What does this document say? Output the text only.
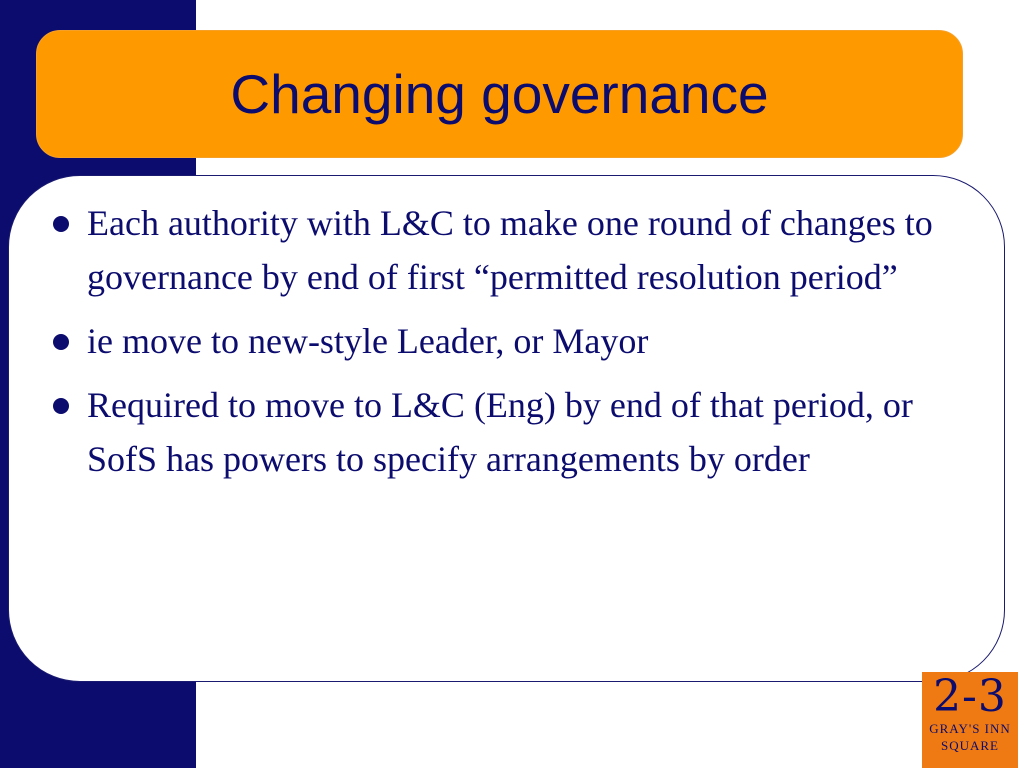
Changing governance
Each authority with L&C to make one round of changes to governance by end of first “permitted resolution period”
ie move to new-style Leader, or Mayor
Required to move to L&C (Eng) by end of that period, or SofS has powers to specify arrangements by order
2-3
GRAY'S INN
SQUARE
